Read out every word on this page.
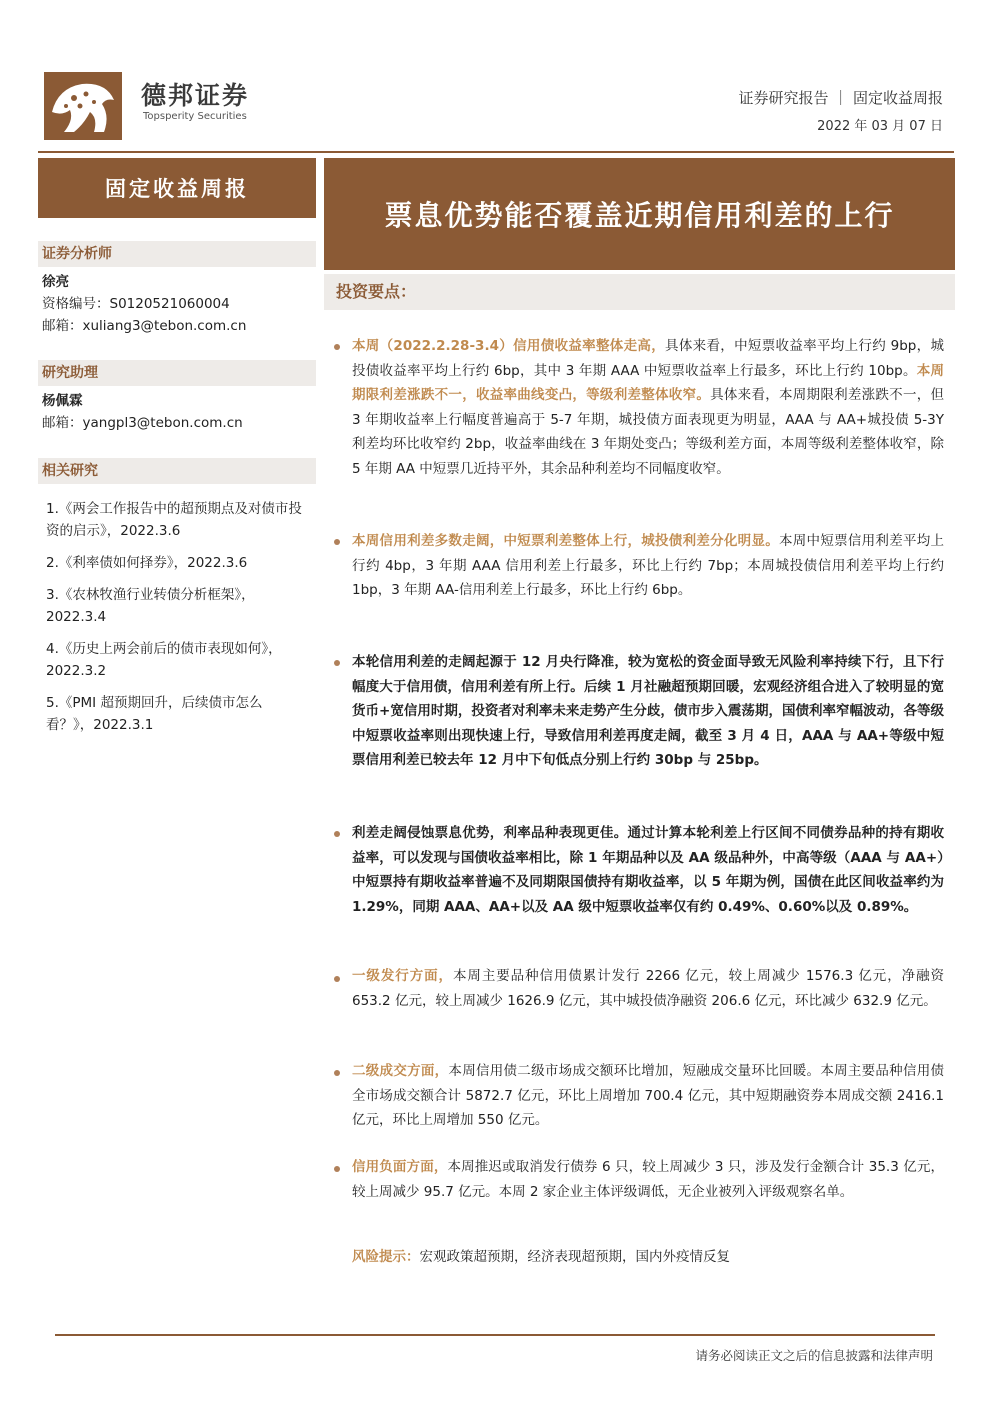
德邦证券
Topsperity Securities
证券研究报告 ｜ 固定收益周报
2022 年 03 月 07 日
固定收益周报
证券分析师
徐亮
资格编号：S0120521060004
邮箱：xuliang3@tebon.com.cn
研究助理
杨佩霖
邮箱：yangpl3@tebon.com.cn
相关研究
1.《两会工作报告中的超预期点及对债市投资的启示》，2022.3.6
2.《利率债如何择券》，2022.3.6
3.《农林牧渔行业转债分析框架》，2022.3.4
4.《历史上两会前后的债市表现如何》，2022.3.2
5.《PMI 超预期回升，后续债市怎么看？》，2022.3.1
票息优势能否覆盖近期信用利差的上行
投资要点：
本周（2022.2.28-3.4）信用债收益率整体走高，具体来看，中短票收益率平均上行约 9bp，城投债收益率平均上行约 6bp，其中 3 年期 AAA 中短票收益率上行最多，环比上行约 10bp。本周期限利差涨跌不一，收益率曲线变凸，等级利差整体收窄。具体来看，本周期限利差涨跌不一，但 3 年期收益率上行幅度普遍高于 5-7 年期，城投债方面表现更为明显，AAA 与 AA+城投债 5-3Y 利差均环比收窄约 2bp，收益率曲线在 3 年期处变凸；等级利差方面，本周等级利差整体收窄，除 5 年期 AA 中短票几近持平外，其余品种利差均不同幅度收窄。
本周信用利差多数走阔，中短票利差整体上行，城投债利差分化明显。本周中短票信用利差平均上行约 4bp，3 年期 AAA 信用利差上行最多，环比上行约 7bp；本周城投债信用利差平均上行约 1bp，3 年期 AA-信用利差上行最多，环比上行约 6bp。
本轮信用利差的走阔起源于 12 月央行降准，较为宽松的资金面导致无风险利率持续下行，且下行幅度大于信用债，信用利差有所上行。后续 1 月社融超预期回暖，宏观经济组合进入了较明显的宽货币+宽信用时期，投资者对利率未来走势产生分歧，债市步入震荡期，国债利率窄幅波动，各等级中短票收益率则出现快速上行，导致信用利差再度走阔，截至 3 月 4 日，AAA 与 AA+等级中短票信用利差已较去年 12 月中下旬低点分别上行约 30bp 与 25bp。
利差走阔侵蚀票息优势，利率品种表现更佳。通过计算本轮利差上行区间不同债券品种的持有期收益率，可以发现与国债收益率相比，除 1 年期品种以及 AA 级品种外，中高等级（AAA 与 AA+）中短票持有期收益率普遍不及同期限国债持有期收益率，以 5 年期为例，国债在此区间收益率约为 1.29%，同期 AAA、AA+以及 AA 级中短票收益率仅有约 0.49%、0.60%以及 0.89%。
一级发行方面，本周主要品种信用债累计发行 2266 亿元，较上周减少 1576.3 亿元，净融资 653.2 亿元，较上周减少 1626.9 亿元，其中城投债净融资 206.6 亿元，环比减少 632.9 亿元。
二级成交方面，本周信用债二级市场成交额环比增加，短融成交量环比回暖。本周主要品种信用债全市场成交额合计 5872.7 亿元，环比上周增加 700.4 亿元，其中短期融资券本周成交额 2416.1 亿元，环比上周增加 550 亿元。
信用负面方面，本周推迟或取消发行债券 6 只，较上周减少 3 只，涉及发行金额合计 35.3 亿元，较上周减少 95.7 亿元。本周 2 家企业主体评级调低，无企业被列入评级观察名单。
风险提示：宏观政策超预期，经济表现超预期，国内外疫情反复
请务必阅读正文之后的信息披露和法律声明
